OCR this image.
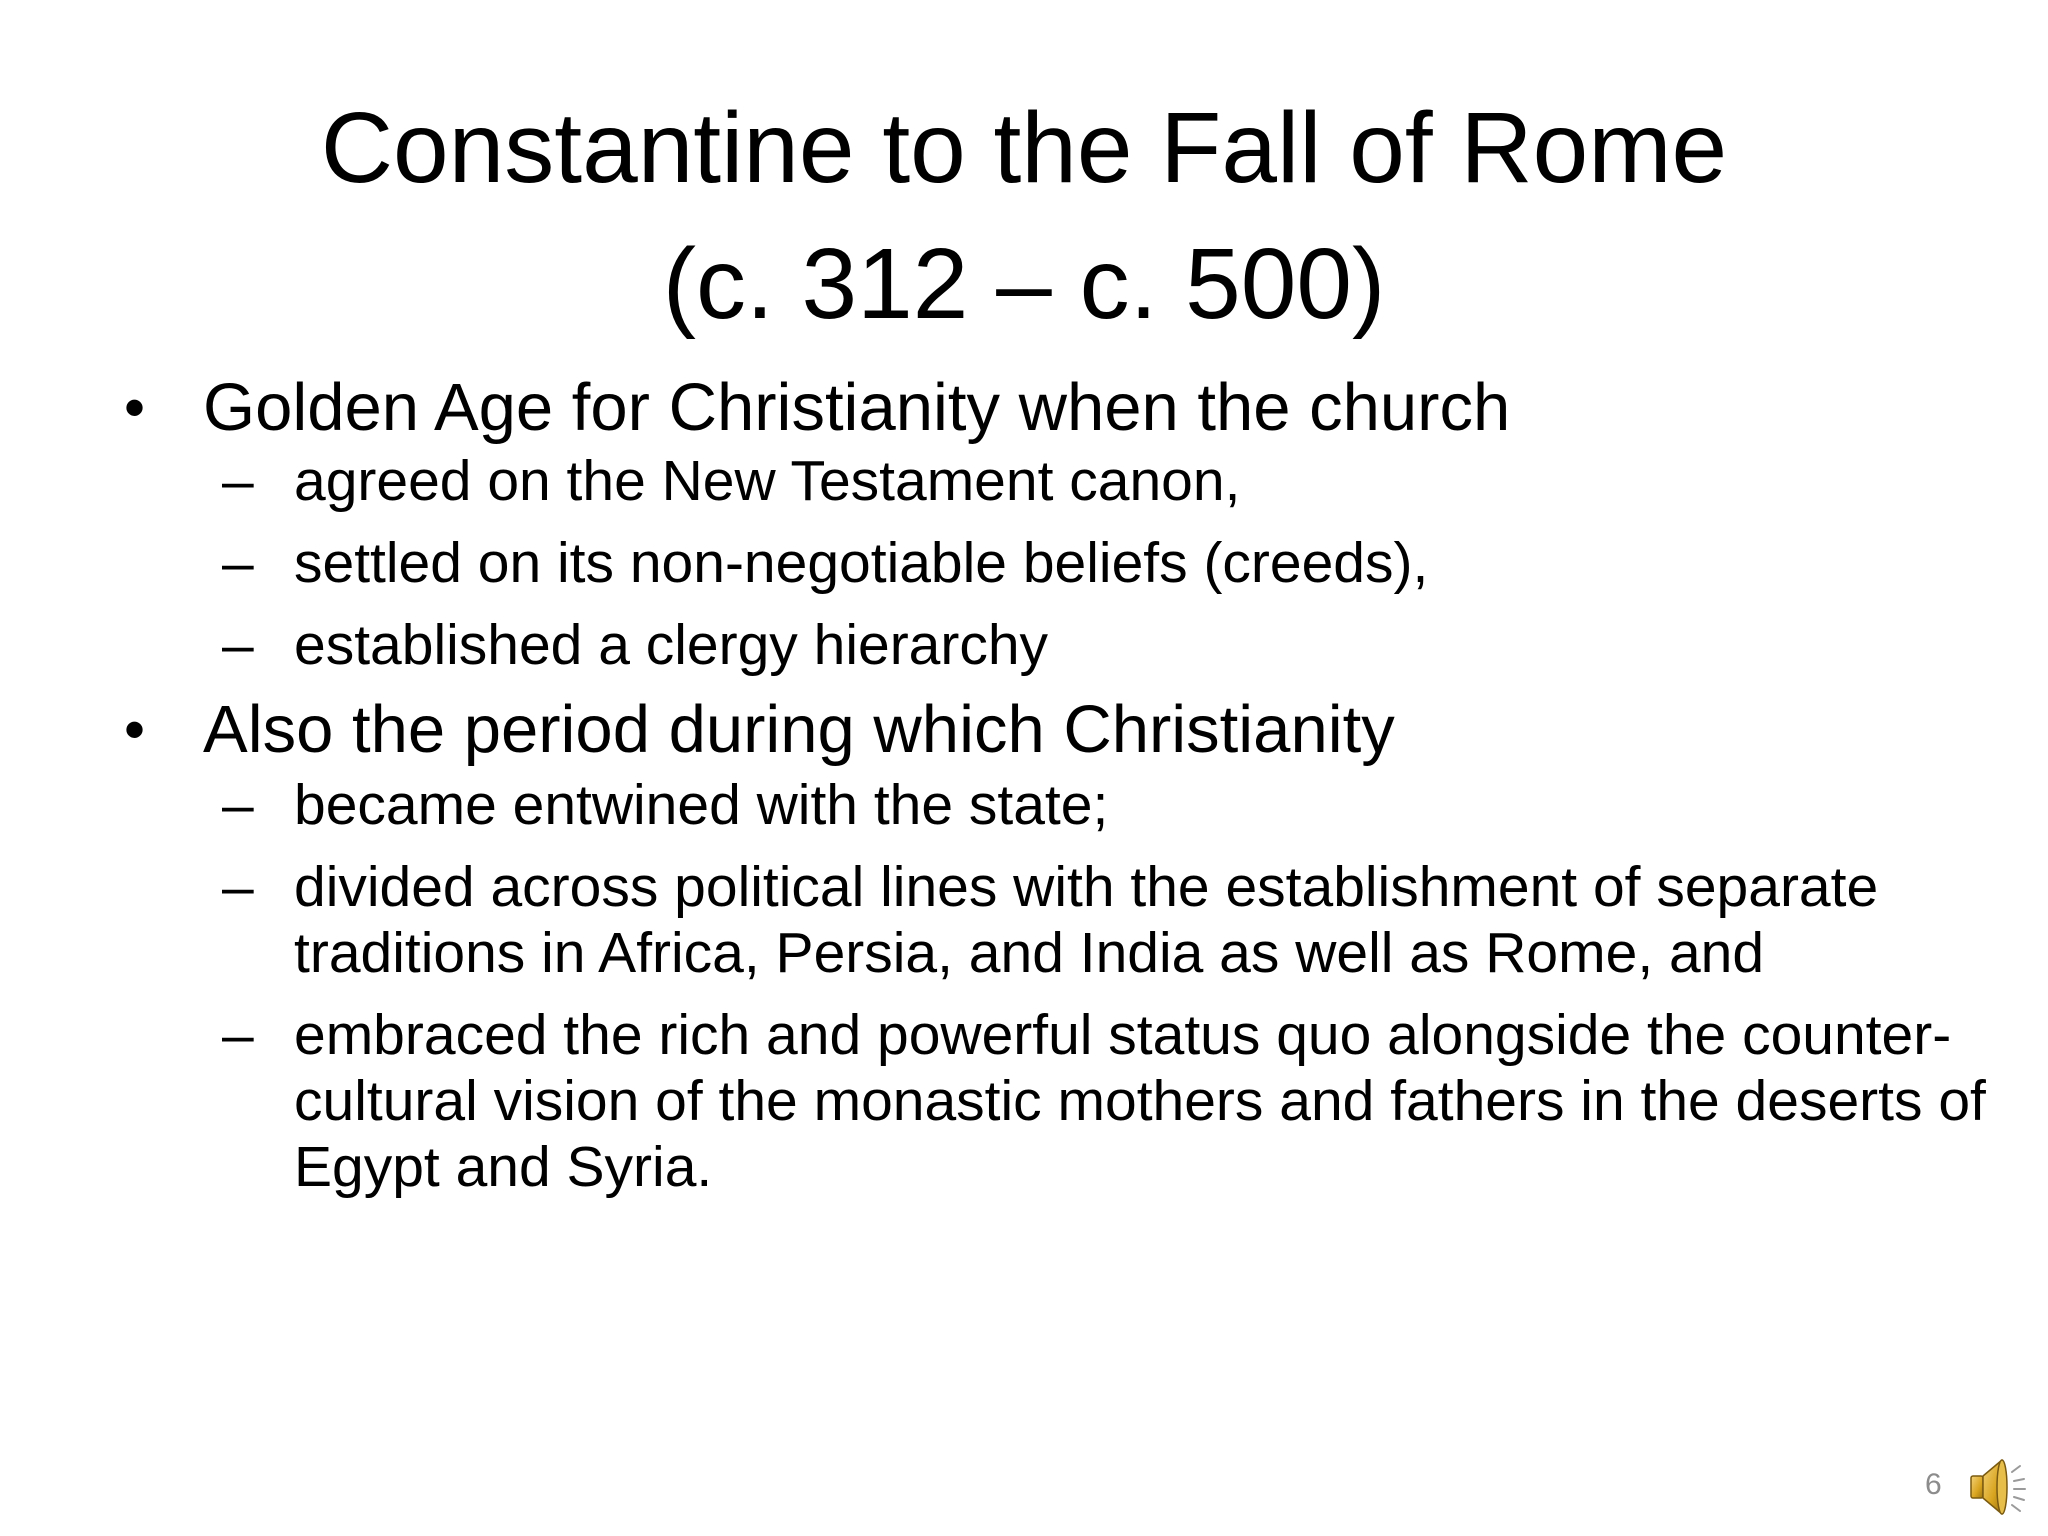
Constantine to the Fall of Rome
(c. 312 – c. 500)
• Golden Age for Christianity when the church
– agreed on the New Testament canon,
– settled on its non-negotiable beliefs (creeds),
– established a clergy hierarchy
• Also the period during which Christianity
– became entwined with the state;
– divided across political lines with the establishment of separate traditions in Africa, Persia, and India as well as Rome, and
– embraced the rich and powerful status quo alongside the counter-cultural vision of the monastic mothers and fathers in the deserts of Egypt and Syria.
6
